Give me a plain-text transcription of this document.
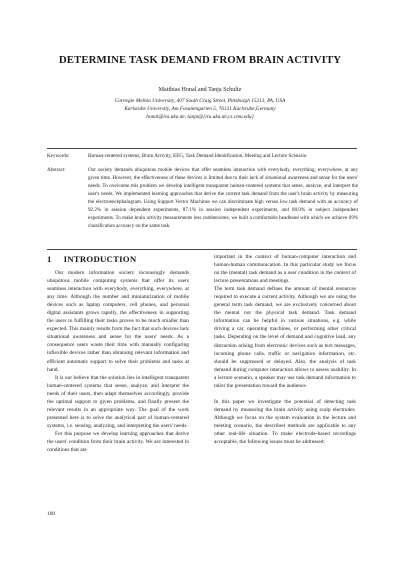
DETERMINE TASK DEMAND FROM BRAIN ACTIVITY
Matthias Honal and Tanja Schultz
Carnegie Mellon University, 407 South Craig Street, Pittsburgh 15213, PA, USA
Karlsruhe University, Am Fasanengarten 5, 76131 Karlsruhe,Germany
honal@ira.uka.de, tanja@{ira.uka.de,cs.cmu.edu}
Keywords:	Human-centered systems, Brain Activity, EEG, Task Demand Identification, Meeting and Lecture Scenario.
Abstract:	Our society demands ubiquitous mobile devices that offer seamless interaction with everybody, everything, everywhere, at any given time. However, the effectiveness of these devices is limited due to their lack of situational awareness and sense for the users' needs. To overcome this problem we develop intelligent transparent human-centered systems that sense, analyze, and interpret the user's needs. We implemented learning approaches that derive the current task demand from the user's brain activity by measuring the electroencephalogram. Using Support Vector Machines we can discriminate high versus low task demand with an accuracy of 92.2% in session dependent experiments, 87.1% in session independent experiments, and 80.0% in subject independent experiments. To make brain activity measurements less cumbersome, we built a comfortable headband with which we achieve 69% classification accuracy on the same task.
1 INTRODUCTION

Our modern information society increasingly demands ubiquitous mobile computing systems that offer its users seamless interaction with everybody, everything, everywhere, at any time. Although the number and miniaturization of mobile devices such as laptop computers, cell phones, and personal digital assistants grows rapidly, the effectiveness in supporting the users to fulfilling their tasks proves to be much smaller than expected. This mainly results from the fact that such devices lack situational awareness and sense for the users' needs. As a consequence users waste their time with manually configuring inflexible devices rather than obtaining relevant information and efficient automatic support to solve their problems and tasks at hand.

It is our believe that the solution lies in intelligent transparent human-centered systems that sense, analyze, and interpret the needs of their users, then adapt themselves accordingly, provide the optimal support to given problems, and finally present the relevant results in an appropriate way. The goal of the work presented here is to solve the analytical part of human-centered systems, i.e. sensing, analyzing, and interpreting the users' needs.

For this purpose we develop learning approaches that derive the users' condition from their brain activity. We are interested in conditions that are

important in the context of human-computer interaction and human-human communication. In this particular study we focus on the (mental) task demand as a user condition in the context of lecture presentations and meetings.

The term task demand defines the amount of mental resources required to execute a current activity. Although we are using the general term task demand, we are exclusively concerned about the mental not the physical task demand. Task demand information can be helpful in various situations, e.g. while driving a car, operating machines, or performing other critical tasks. Depending on the level of demand and cognitive load, any distraction arising from electronic devices such as text messages, incoming phone calls, traffic or navigation information, etc. should be suppressed or delayed. Also, the analysis of task demand during computer interaction allows to assess usability. In a lecture scenario, a speaker may use task demand information to tailor the presentation toward the audience.

In this paper we investigate the potential of detecting task demand by measuring the brain activity using scalp electrodes. Although we focus on the system evaluation in the lecture and meeting scenario, the described methods are applicable to any other real-life situation. To make electrode-based recordings acceptable, the following issues must be addressed:

100
